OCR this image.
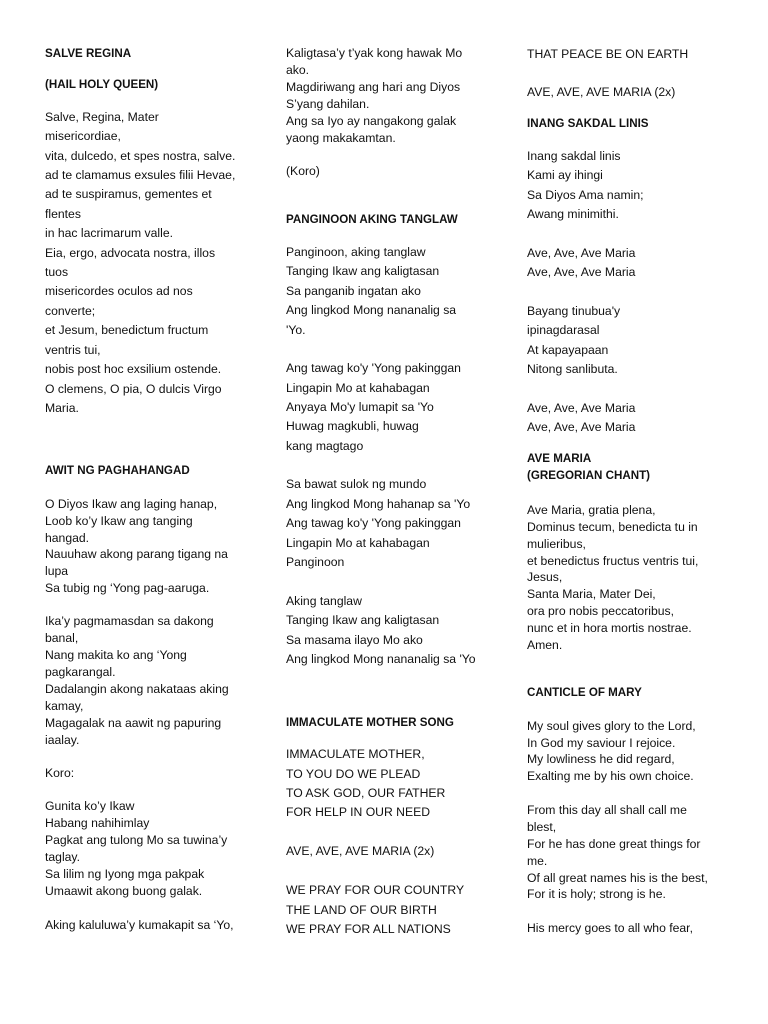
SALVE REGINA
(HAIL HOLY QUEEN)
Salve, Regina, Mater
misericordiae,
vita, dulcedo, et spes nostra, salve.
ad te clamamus exsules filii Hevae,
ad te suspiramus, gementes et
flentes
in hac lacrimarum valle.
Eia, ergo, advocata nostra, illos
tuos
misericordes oculos ad nos
converte;
et Jesum, benedictum fructum
ventris tui,
nobis post hoc exsilium ostende.
O clemens, O pia, O dulcis Virgo
Maria.
AWIT NG PAGHAHANGAD
O Diyos Ikaw ang laging hanap,
Loob ko’y Ikaw ang tanging
hangad.
Nauuhaw akong parang tigang na
lupa
Sa tubig ng ‘Yong pag-aaruga.
Ika’y pagmamasdan sa dakong
banal,
Nang makita ko ang ‘Yong
pagkarangal.
Dadalangin akong nakataas aking
kamay,
Magagalak na aawit ng papuring
iaalay.
Koro:
Gunita ko’y Ikaw
Habang nahihimlay
Pagkat ang tulong Mo sa tuwina’y
taglay.
Sa lilim ng Iyong mga pakpak
Umaawit akong buong galak.
Aking kaluluwa’y kumakapit sa ‘Yo,
Kaligtasa’y t’yak kong hawak Mo
ako.
Magdiriwang ang hari ang Diyos
S’yang dahilan.
Ang sa Iyo ay nangakong galak
yaong makakamtan.
(Koro)
PANGINOON AKING TANGLAW
Panginoon, aking tanglaw
Tanging Ikaw ang kaligtasan
Sa panganib ingatan ako
Ang lingkod Mong nananalig sa
'Yo.
Ang tawag ko'y 'Yong pakinggan
Lingapin Mo at kahabagan
Anyaya Mo'y lumapit sa 'Yo
Huwag magkubli, huwag
kang magtago
Sa bawat sulok ng mundo
Ang lingkod Mong hahanap sa 'Yo
Ang tawag ko'y 'Yong pakinggan
Lingapin Mo at kahabagan
Panginoon
Aking tanglaw
Tanging Ikaw ang kaligtasan
Sa masama ilayo Mo ako
Ang lingkod Mong nananalig sa 'Yo
IMMACULATE MOTHER SONG
IMMACULATE MOTHER,
TO YOU DO WE PLEAD
TO ASK GOD, OUR FATHER
FOR HELP IN OUR NEED
AVE, AVE, AVE MARIA (2x)
WE PRAY FOR OUR COUNTRY
THE LAND OF OUR BIRTH
WE PRAY FOR ALL NATIONS
THAT PEACE BE ON EARTH
AVE, AVE, AVE MARIA (2x)
INANG SAKDAL LINIS
Inang sakdal linis
Kami ay ihingi
Sa Diyos Ama namin;
Awang minimithi.
Ave, Ave, Ave Maria
Ave, Ave, Ave Maria
Bayang tinubua'y
ipinagdarasal
At kapayapaan
Nitong sanlibuta.
Ave, Ave, Ave Maria
Ave, Ave, Ave Maria
AVE MARIA
(GREGORIAN CHANT)
Ave Maria, gratia plena,
Dominus tecum, benedicta tu in
mulieribus,
et benedictus fructus ventris tui,
Jesus,
Santa Maria, Mater Dei,
ora pro nobis peccatoribus,
nunc et in hora mortis nostrae.
Amen.
CANTICLE OF MARY
My soul gives glory to the Lord,
In God my saviour I rejoice.
My lowliness he did regard,
Exalting me by his own choice.
From this day all shall call me
blest,
For he has done great things for
me.
Of all great names his is the best,
For it is holy; strong is he.
His mercy goes to all who fear,
